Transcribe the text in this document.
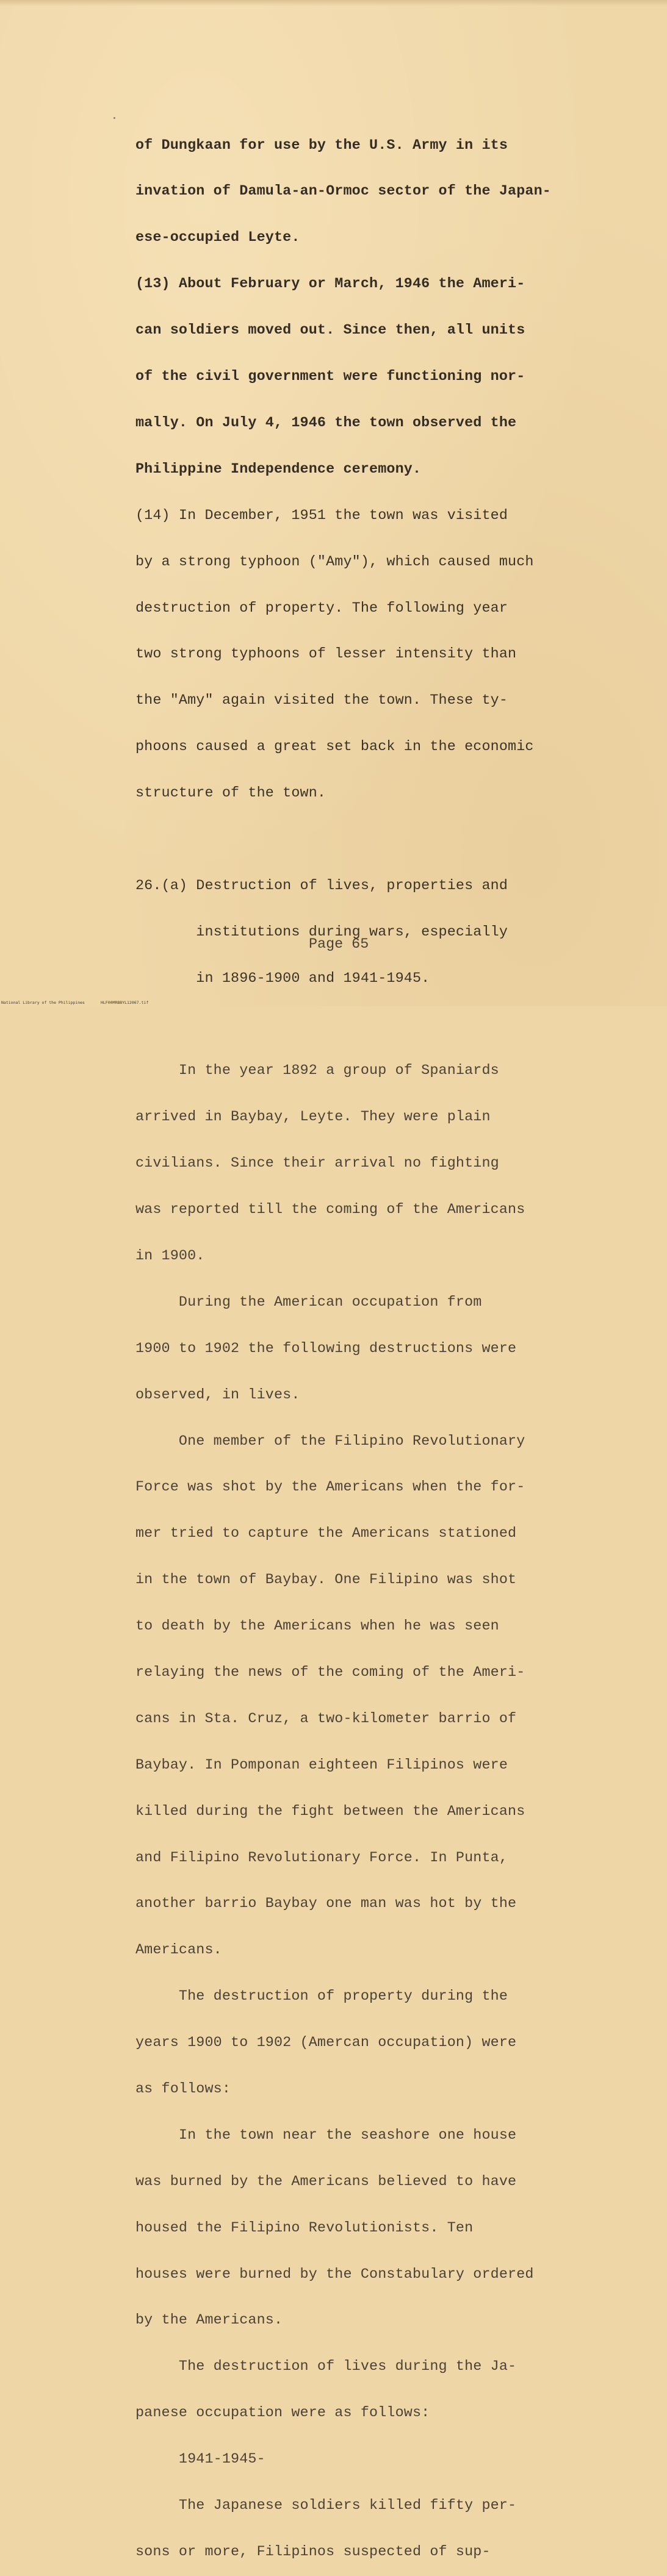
of Dungkaan for use by the U.S. Army in its

invation of Damula-an-Ormoc sector of the Japan-

ese-occupied Leyte.

(13) About February or March, 1946 the Ameri-

can soldiers moved out. Since then, all units

of the civil government were functioning nor-

mally. On July 4, 1946 the town observed the

Philippine Independence ceremony.

(14) In December, 1951 the town was visited

by a strong typhoon ("Amy"), which caused much

destruction of property. The following year

two strong typhoons of lesser intensity than

the "Amy" again visited the town. These ty-

phoons caused a great set back in the economic

structure of the town.

26.(a) Destruction of lives, properties and

institutions during wars, especially

in 1896-1900 and 1941-1945.

In the year 1892 a group of Spaniards

arrived in Baybay, Leyte. They were plain

civilians. Since their arrival no fighting

was reported till the coming of the Americans

in 1900.

During the American occupation from

1900 to 1902 the following destructions were

observed, in lives.

One member of the Filipino Revolutionary

Force was shot by the Americans when the for-

mer tried to capture the Americans stationed

in the town of Baybay. One Filipino was shot

to death by the Americans when he was seen

relaying the news of the coming of the Ameri-

cans in Sta. Cruz, a two-kilometer barrio of

Baybay. In Pomponan eighteen Filipinos were

killed during the fight between the Americans

and Filipino Revolutionary Force. In Punta,

another barrio Baybay one man was hot by the

Americans.

The destruction of property during the

years 1900 to 1902 (Amercan occupation) were

as follows:

In the town near the seashore one house

was burned by the Americans believed to have

housed the Filipino Revolutionists. Ten

houses were burned by the Constabulary ordered

by the Americans.

The destruction of lives during the Ja-

panese occupation were as follows:

1941-1945-

The Japanese soldiers killed fifty per-

sons or more, Filipinos suspected of sup-

Page 65
National Library of the Philippines	HLF00MRBBYL12067.tif
